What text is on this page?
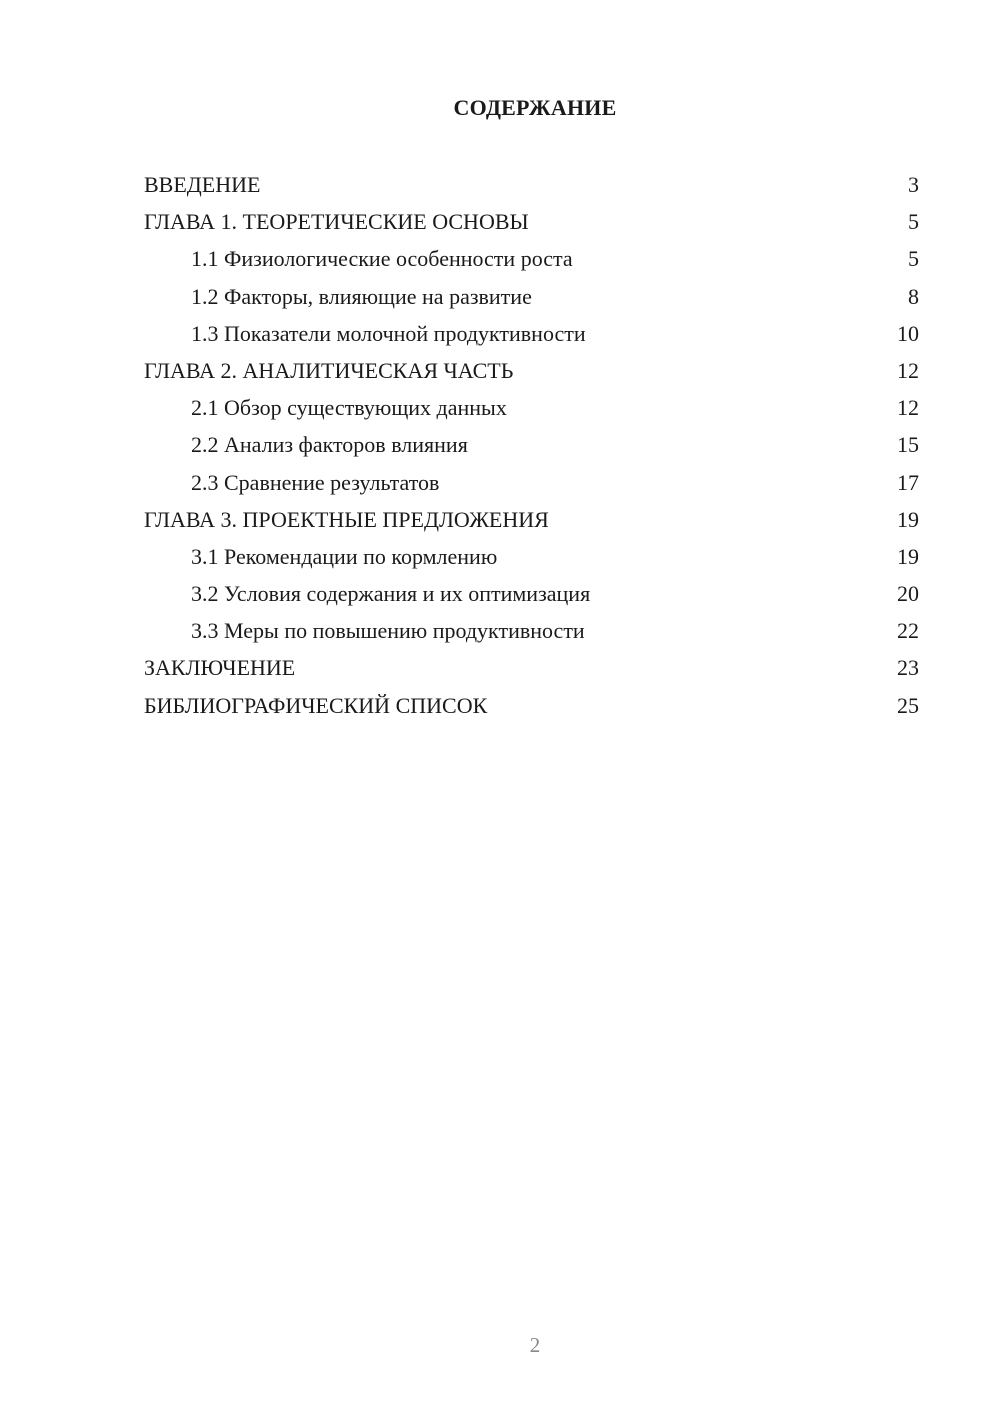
СОДЕРЖАНИЕ
ВВЕДЕНИЕ	3
ГЛАВА 1. ТЕОРЕТИЧЕСКИЕ ОСНОВЫ	5
1.1 Физиологические особенности роста	5
1.2 Факторы, влияющие на развитие	8
1.3 Показатели молочной продуктивности	10
ГЛАВА 2. АНАЛИТИЧЕСКАЯ ЧАСТЬ	12
2.1 Обзор существующих данных	12
2.2 Анализ факторов влияния	15
2.3 Сравнение результатов	17
ГЛАВА 3. ПРОЕКТНЫЕ ПРЕДЛОЖЕНИЯ	19
3.1 Рекомендации по кормлению	19
3.2 Условия содержания и их оптимизация	20
3.3 Меры по повышению продуктивности	22
ЗАКЛЮЧЕНИЕ	23
БИБЛИОГРАФИЧЕСКИЙ СПИСОК	25
2
